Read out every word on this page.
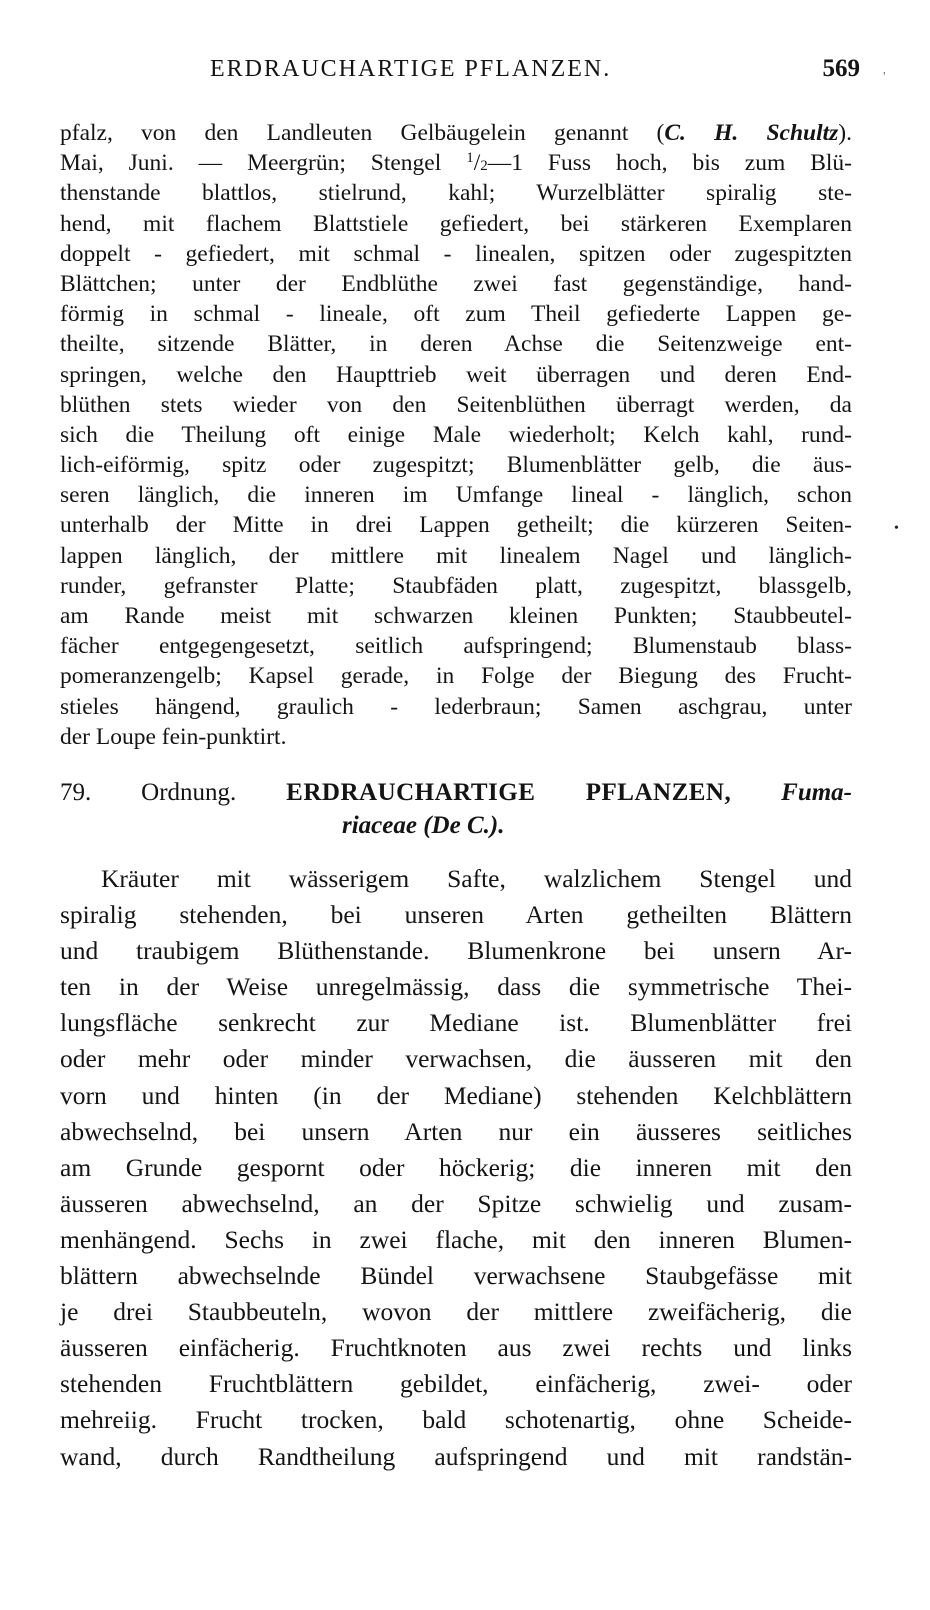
ERDRAUCHARTIGE PFLANZEN.	569 '
•
pfalz, von den Landleuten Gelbäugelein genannt (C. H. Schultz).
Mai, Juni. — Meergrün; Stengel $^1$/2—1 Fuss hoch, bis zum Blü-
thenstande blattlos, stielrund, kahl; Wurzelblätter spiralig ste-
hend, mit flachem Blattstiele gefiedert, bei stärkeren Exemplaren
doppelt - gefiedert, mit schmal - linealen, spitzen oder zugespitzten
Blättchen; unter der Endblüthe zwei fast gegenständige, hand-
förmig in schmal - lineale, oft zum Theil gefiederte Lappen ge-
theilte, sitzende Blätter, in deren Achse die Seitenzweige ent-
springen, welche den Haupttrieb weit überragen und deren End-
blüthen stets wieder von den Seitenblüthen überragt werden, da
sich die Theilung oft einige Male wiederholt; Kelch kahl, rund-
lich-eiförmig, spitz oder zugespitzt; Blumenblätter gelb, die äus-
seren länglich, die inneren im Umfange lineal - länglich, schon
unterhalb der Mitte in drei Lappen getheilt; die kürzeren Seiten-
lappen länglich, der mittlere mit linealem Nagel und länglich-
runder, gefranster Platte; Staubfäden platt, zugespitzt, blassgelb,
am Rande meist mit schwarzen kleinen Punkten; Staubbeutel-
fächer entgegengesetzt, seitlich aufspringend; Blumenstaub blass-
pomeranzengelb; Kapsel gerade, in Folge der Biegung des Frucht-
stieles hängend, graulich - lederbraun; Samen aschgrau, unter
der Loupe fein-punktirt.
79. Ordnung. ERDRAUCHARTIGE PFLANZEN, Fuma-
riaceae (De C.).
Kräuter mit wässerigem Safte, walzlichem Stengel und
spiralig stehenden, bei unseren Arten getheilten Blättern
und traubigem Blüthenstande. Blumenkrone bei unsern Ar-
ten in der Weise unregelmässig, dass die symmetrische Thei-
lungsfläche senkrecht zur Mediane ist. Blumenblätter frei
oder mehr oder minder verwachsen, die äusseren mit den
vorn und hinten (in der Mediane) stehenden Kelchblättern
abwechselnd, bei unsern Arten nur ein äusseres seitliches
am Grunde gespornt oder höckerig; die inneren mit den
äusseren abwechselnd, an der Spitze schwielig und zusam-
menhängend. Sechs in zwei flache, mit den inneren Blumen-
blättern abwechselnde Bündel verwachsene Staubgefässe mit
je drei Staubbeuteln, wovon der mittlere zweifächerig, die
äusseren einfächerig. Fruchtknoten aus zwei rechts und links
stehenden Fruchtblättern gebildet, einfächerig, zwei- oder
mehreiig. Frucht trocken, bald schotenartig, ohne Scheide-
wand, durch Randtheilung aufspringend und mit randstän-
